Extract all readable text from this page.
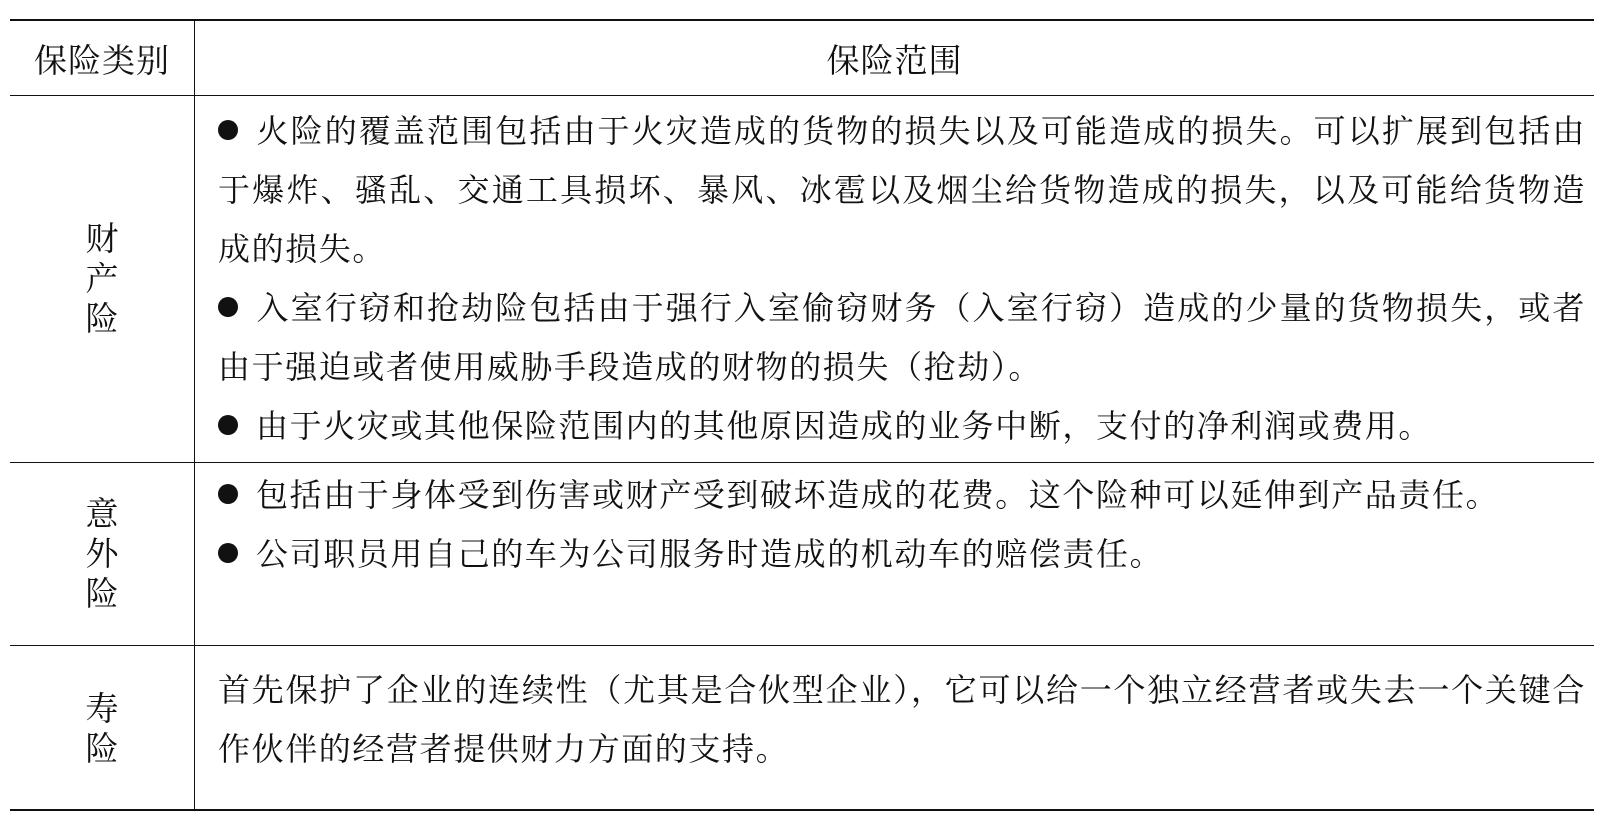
保险类别	保险范围
财产险
火险的覆盖范围包括由于火灾造成的货物的损失以及可能造成的损失。可以扩展到包括由于爆炸、骚乱、交通工具损坏、暴风、冰雹以及烟尘给货物造成的损失，以及可能给货物造成的损失。
入室行窃和抢劫险包括由于强行入室偷窃财务（入室行窃）造成的少量的货物损失，或者由于强迫或者使用威胁手段造成的财物的损失（抢劫）。
由于火灾或其他保险范围内的其他原因造成的业务中断，支付的净利润或费用。
意外险
包括由于身体受到伤害或财产受到破坏造成的花费。这个险种可以延伸到产品责任。
公司职员用自己的车为公司服务时造成的机动车的赔偿责任。
寿险
首先保护了企业的连续性（尤其是合伙型企业），它可以给一个独立经营者或失去一个关键合作伙伴的经营者提供财力方面的支持。
